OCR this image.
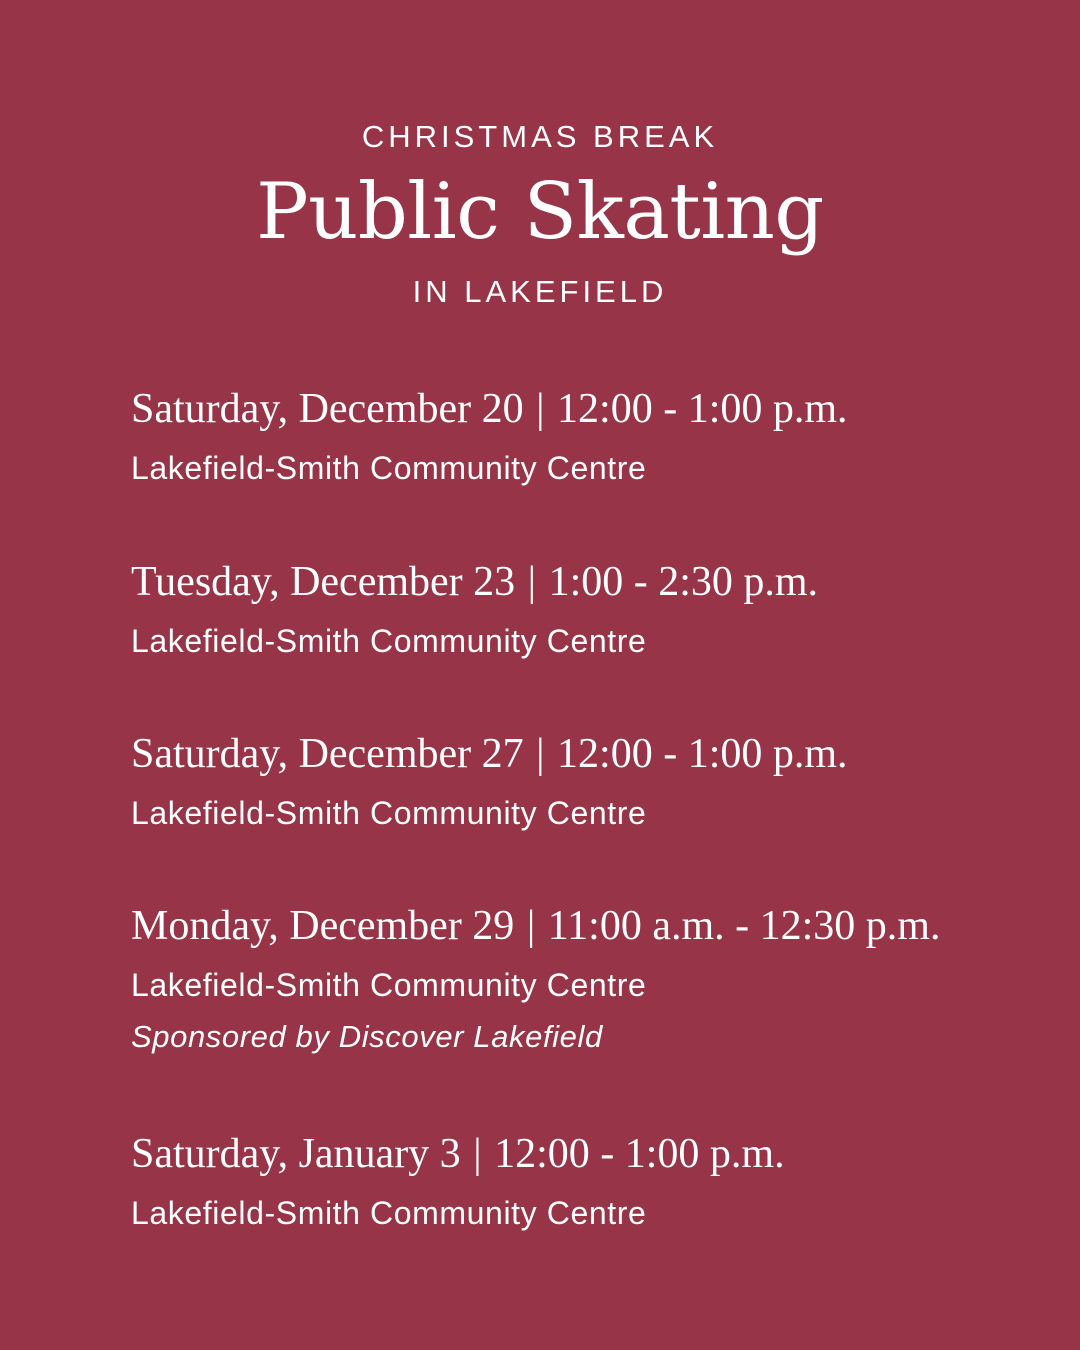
CHRISTMAS BREAK
Public Skating
IN LAKEFIELD
Saturday, December 20 | 12:00 - 1:00 p.m.
Lakefield-Smith Community Centre
Tuesday, December 23 | 1:00 - 2:30 p.m.
Lakefield-Smith Community Centre
Saturday, December 27 | 12:00 - 1:00 p.m.
Lakefield-Smith Community Centre
Monday, December 29 | 11:00 a.m. - 12:30 p.m.
Lakefield-Smith Community Centre
Sponsored by Discover Lakefield
Saturday, January 3 | 12:00 - 1:00 p.m.
Lakefield-Smith Community Centre
